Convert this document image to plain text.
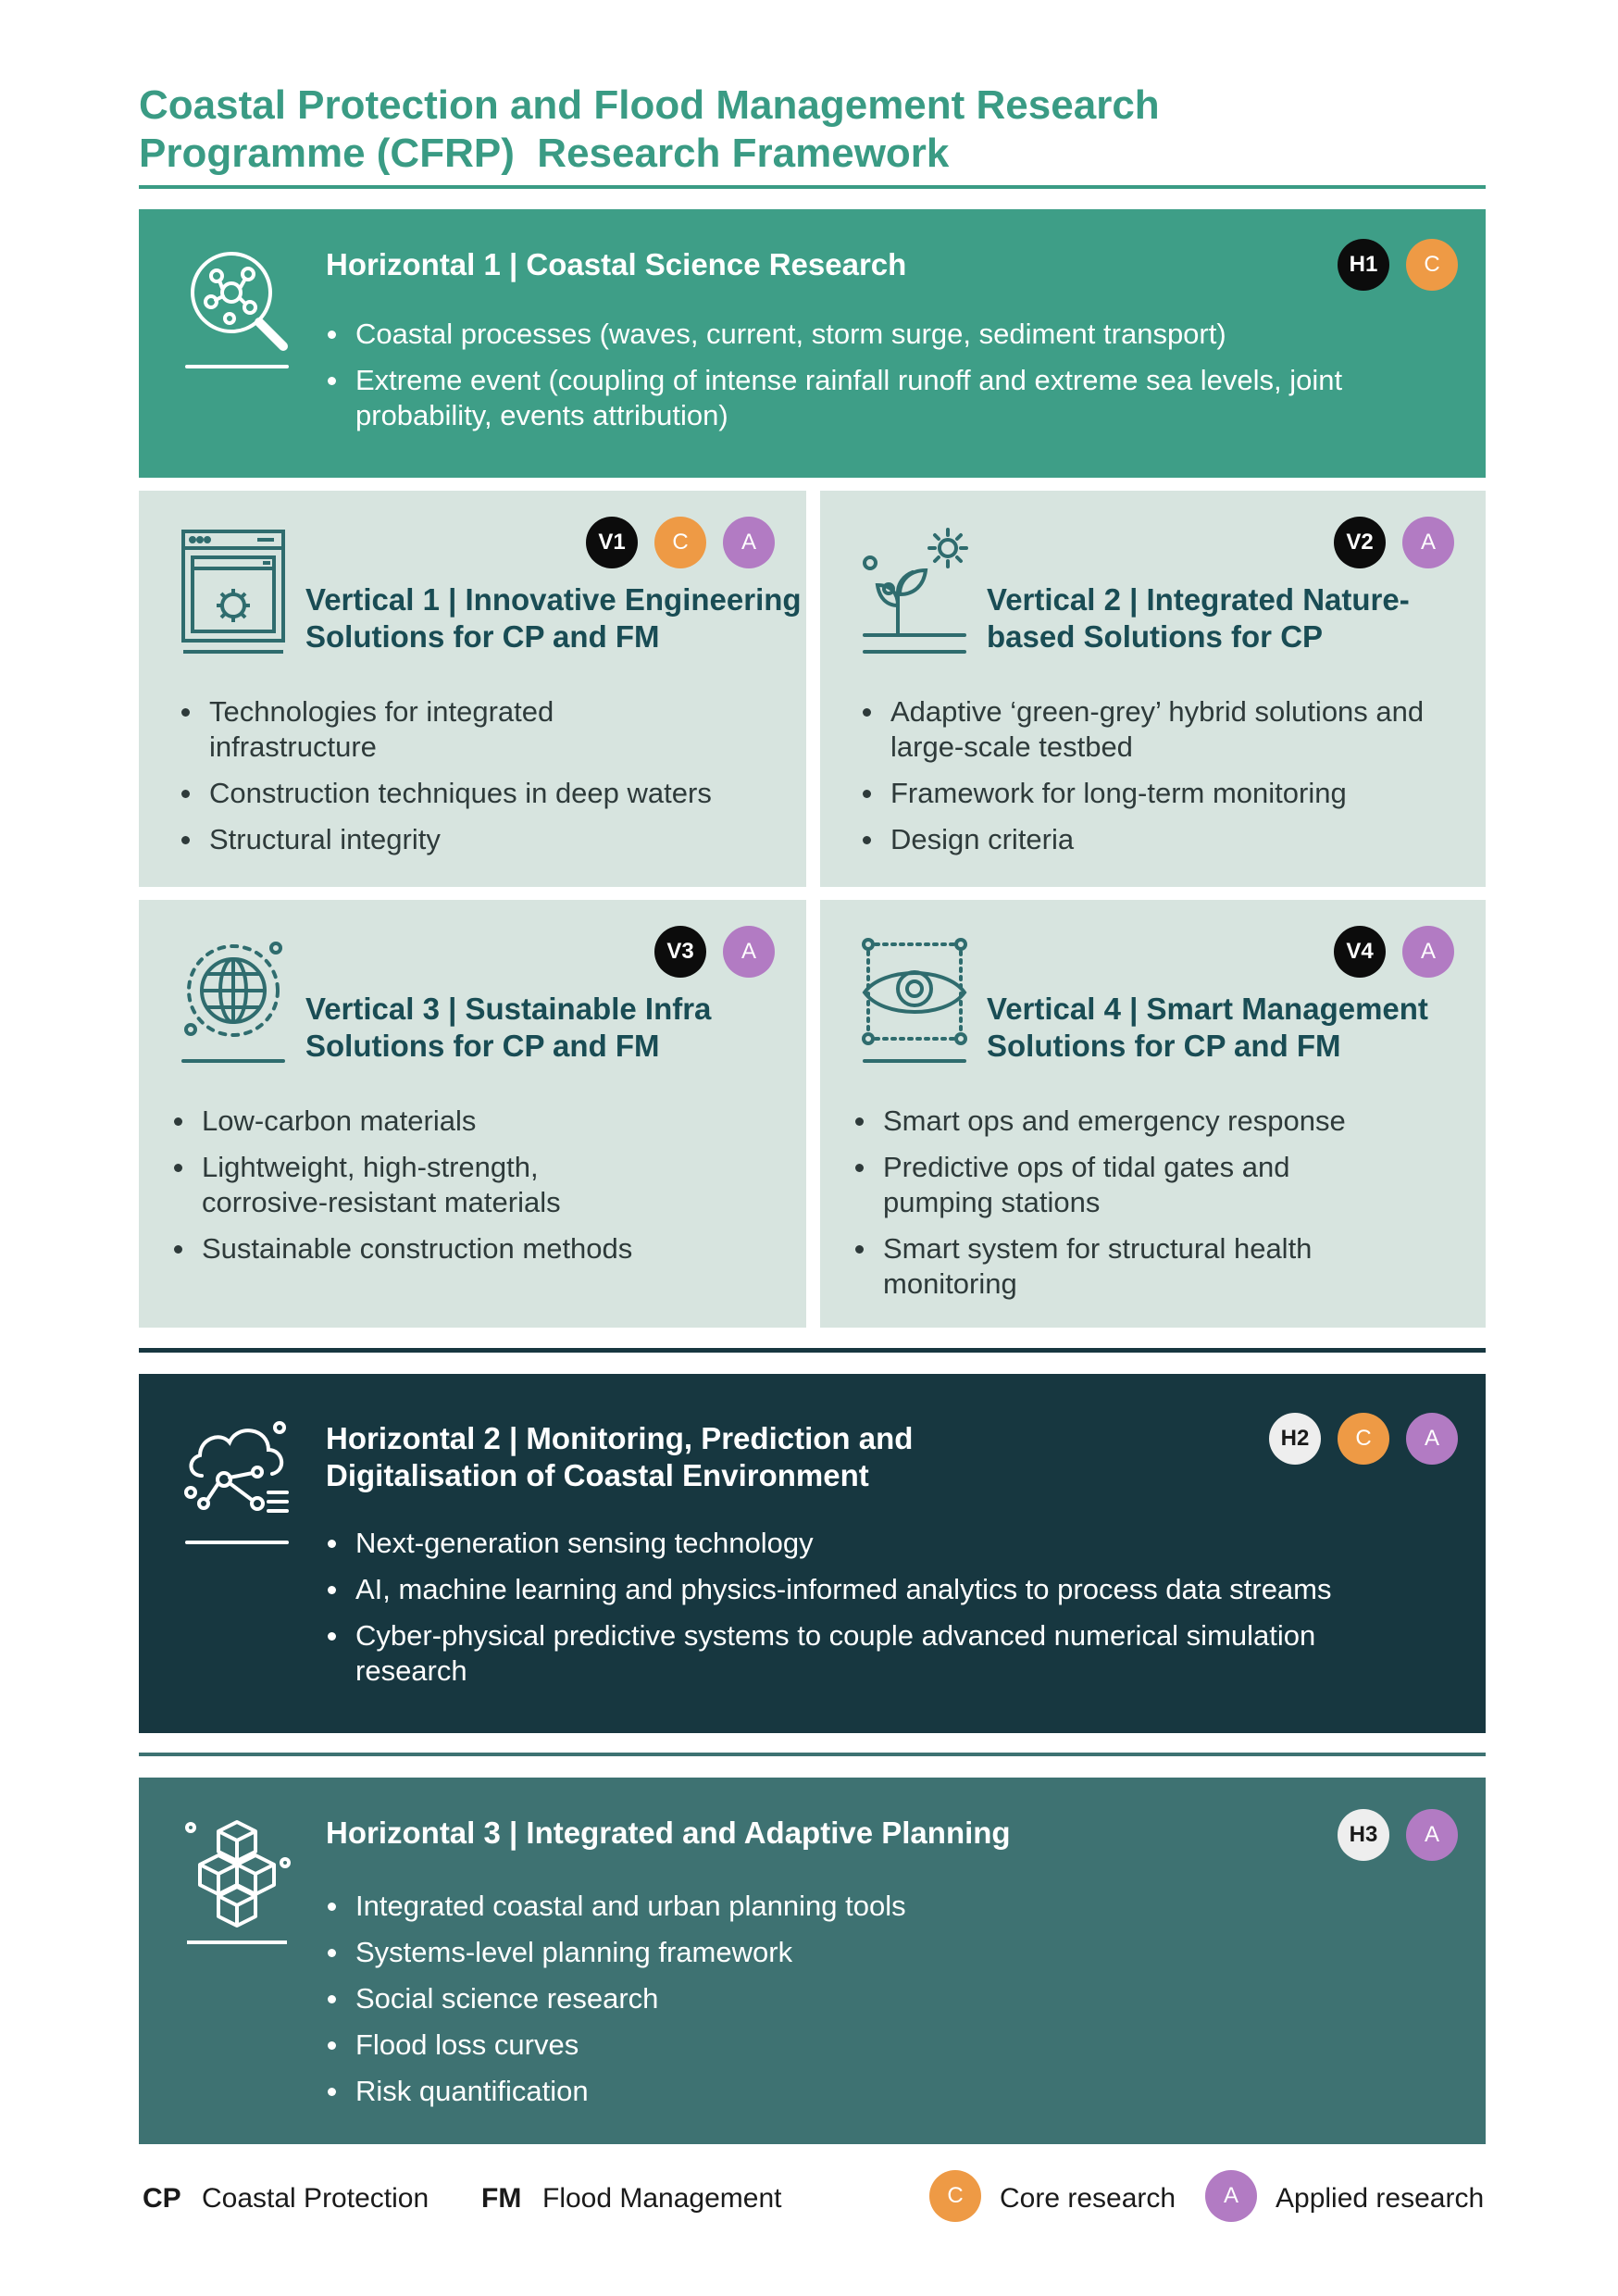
Coastal Protection and Flood Management Research
Programme (CFRP)  Research Framework
Horizontal 1 | Coastal Science Research	H1	C
Coastal processes (waves, current, storm surge, sediment transport)
Extreme event (coupling of intense rainfall runoff and extreme sea levels, joint probability, events attribution)
V1	C	A
Vertical 1 | Innovative Engineering Solutions for CP and FM
Technologies for integrated infrastructure
Construction techniques in deep waters
Structural integrity
V2	A
Vertical 2 | Integrated Nature-based Solutions for CP
Adaptive ‘green-grey’ hybrid solutions and large-scale testbed
Framework for long-term monitoring
Design criteria
V3	A
Vertical 3 | Sustainable Infra Solutions for CP and FM
Low-carbon materials
Lightweight, high-strength, corrosive-resistant materials
Sustainable construction methods
V4	A
Vertical 4 | Smart Management Solutions for CP and FM
Smart ops and emergency response
Predictive ops of tidal gates and pumping stations
Smart system for structural health monitoring
Horizontal 2 | Monitoring, Prediction and Digitalisation of Coastal Environment
H2	C	A
Next-generation sensing technology
AI, machine learning and physics-informed analytics to process data streams
Cyber-physical predictive systems to couple advanced numerical simulation research
Horizontal 3 | Integrated and Adaptive Planning	H3	A
Integrated coastal and urban planning tools
Systems-level planning framework
Social science research
Flood loss curves
Risk quantification
CP Coastal Protection FM Flood Management	C	Core research	A	Applied research
